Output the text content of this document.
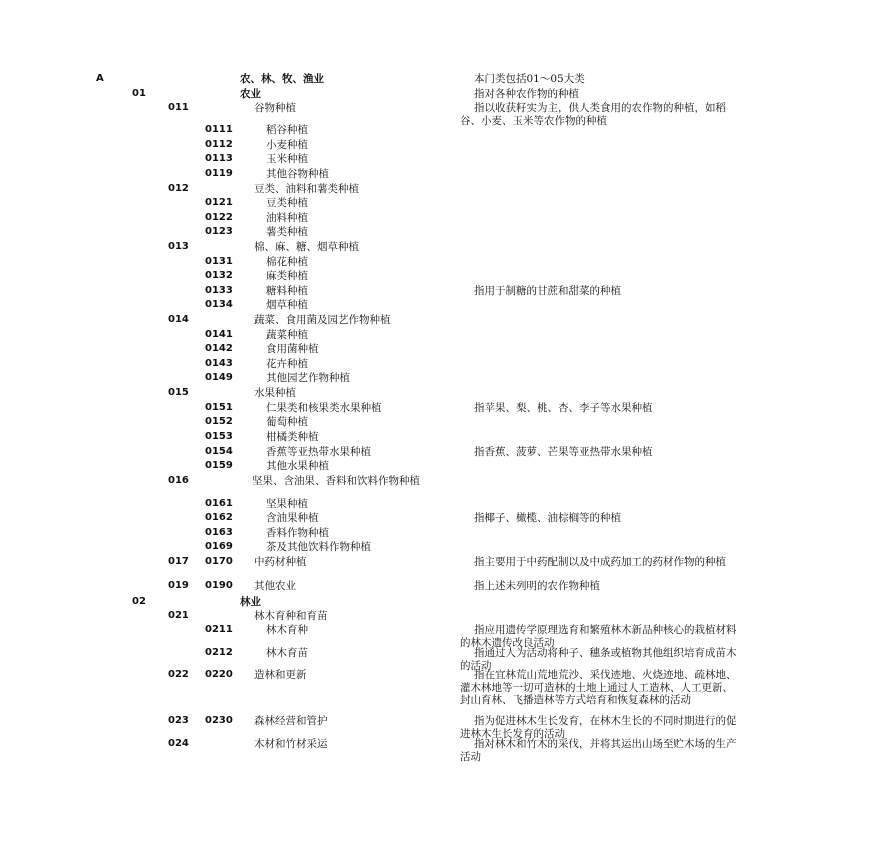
A	农、林、牧、渔业	本门类包括01～05大类
01	农业	指对各种农作物的种植
011	谷物种植	指以收获籽实为主，供人类食用的农作物的种植，如稻谷、小麦、玉米等农作物的种植
0111	稻谷种植
0112	小麦种植
0113	玉米种植
0119	其他谷物种植
012	豆类、油料和薯类种植
0121	豆类种植
0122	油料种植
0123	薯类种植
013	棉、麻、糖、烟草种植
0131	棉花种植
0132	麻类种植
0133	糖料种植	指用于制糖的甘蔗和甜菜的种植
0134	烟草种植
014	蔬菜、食用菌及园艺作物种植
0141	蔬菜种植
0142	食用菌种植
0143	花卉种植
0149	其他园艺作物种植
015	水果种植
0151	仁果类和核果类水果种植	指苹果、梨、桃、杏、李子等水果种植
0152	葡萄种植
0153	柑橘类种植
0154	香蕉等亚热带水果种植	指香蕉、菠萝、芒果等亚热带水果种植
0159	其他水果种植
016	坚果、含油果、香料和饮料作物种植
0161	坚果种植
0162	含油果种植	指椰子、橄榄、油棕榈等的种植
0163	香料作物种植
0169	茶及其他饮料作物种植
017 0170 中药材种植	指主要用于中药配制以及中成药加工的药材作物的种植
019 0190 其他农业	指上述未列明的农作物种植
02	林业
021	林木育种和育苗
0211	林木育种	指应用遗传学原理选育和繁殖林木新品种核心的栽植材料的林木遗传改良活动
0212	林木育苗	指通过人为活动将种子、穗条或植物其他组织培育成苗木的活动
022 0220 造林和更新	指在宜林荒山荒地荒沙、采伐迹地、火烧迹地、疏林地、灌木林地等一切可造林的土地上通过人工造林、人工更新、封山育林、飞播造林等方式培育和恢复森林的活动
023 0230 森林经营和管护	指为促进林木生长发育，在林木生长的不同时期进行的促进林木生长发育的活动
024	木材和竹材采运	指对林木和竹木的采伐，并将其运出山场至贮木场的生产活动
